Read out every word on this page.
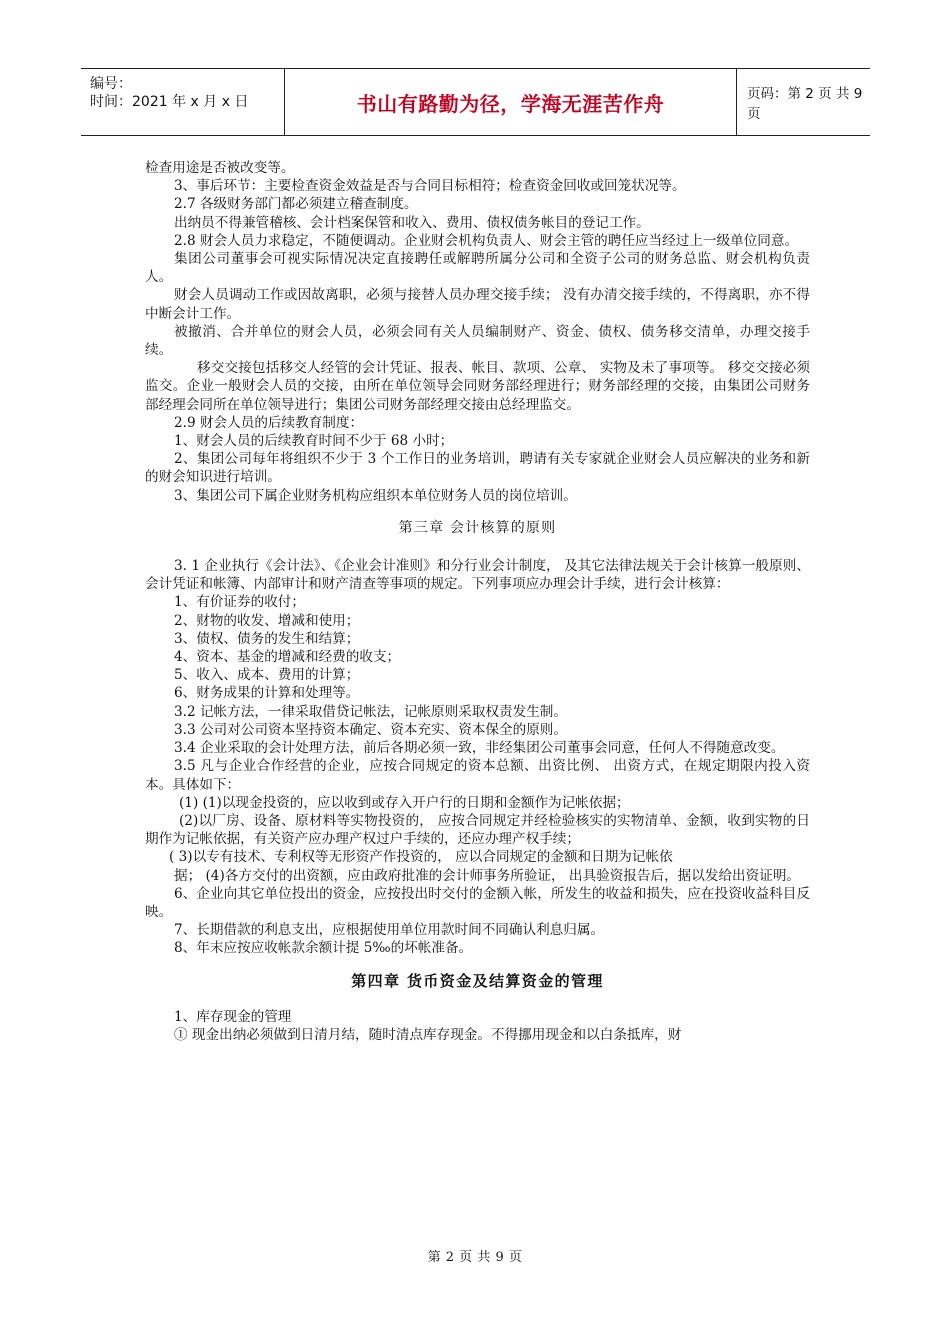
编号：
时间：2021 年 x 月 x 日	书山有路勤为径，学海无涯苦作舟	页码：第 2 页 共 9 页

检查用途是否被改变等。

3、事后环节：主要检查资金效益是否与合同目标相符；检查资金回收或回笼状况等。

2.7 各级财务部门都必须建立稽查制度。

出纳员不得兼管稽核、会计档案保管和收入、费用、债权债务帐目的登记工作。

2.8 财会人员力求稳定，不随便调动。企业财会机构负责人、财会主管的聘任应当经过上一级单位同意。

集团公司董事会可视实际情况决定直接聘任或解聘所属分公司和全资子公司的财务总监、财会机构负责人。

财会人员调动工作或因故离职，必须与接替人员办理交接手续； 没有办清交接手续的，不得离职，亦不得中断会计工作。

被撤消、合并单位的财会人员，必须会同有关人员编制财产、资金、债权、债务移交清单，办理交接手续。

移交交接包括移交人经管的会计凭证、报表、帐目、款项、公章、 实物及未了事项等。 移交交接必须监交。企业一般财会人员的交接，由所在单位领导会同财务部经理进行；财务部经理的交接，由集团公司财务部经理会同所在单位领导进行；集团公司财务部经理交接由总经理监交。

2.9 财会人员的后续教育制度：

1、财会人员的后续教育时间不少于 68 小时；

2、集团公司每年将组织不少于 3 个工作日的业务培训，聘请有关专家就企业财会人员应解决的业务和新的财会知识进行培训。

3、集团公司下属企业财务机构应组织本单位财务人员的岗位培训。

第三章 会计核算的原则

3. 1 企业执行《会计法》、《企业会计准则》和分行业会计制度， 及其它法律法规关于会计核算一般原则、会计凭证和帐簿、内部审计和财产清查等事项的规定。下列事项应办理会计手续，进行会计核算：

1、有价证券的收付；

2、财物的收发、增减和使用；

3、债权、债务的发生和结算；

4、资本、基金的增减和经费的收支；

5、收入、成本、费用的计算；

6、财务成果的计算和处理等。

3.2 记帐方法，一律采取借贷记帐法，记帐原则采取权责发生制。

3.3 公司对公司资本坚持资本确定、资本充实、资本保全的原则。

3.4 企业采取的会计处理方法，前后各期必须一致，非经集团公司董事会同意，任何人不得随意改变。

3.5 凡与企业合作经营的企业，应按合同规定的资本总额、出资比例、 出资方式，在规定期限内投入资本。具体如下：

(1) (1)以现金投资的，应以收到或存入开户行的日期和金额作为记帐依据；

(2)以厂房、设备、原材料等实物投资的， 应按合同规定并经检验核实的实物清单、金额，收到实物的日期作为记帐依据，有关资产应办理产权过户手续的，还应办理产权手续；

( 3)以专有技术、专利权等无形资产作投资的， 应以合同规定的金额和日期为记帐依

据； (4)各方交付的出资额，应由政府批准的会计师事务所验证， 出具验资报告后，据以发给出资证明。

6、企业向其它单位投出的资金，应按投出时交付的金额入帐，所发生的收益和损失，应在投资收益科目反映。

7、长期借款的利息支出，应根据使用单位用款时间不同确认利息归属。

8、年末应按应收帐款余额计提 5‰的坏帐准备。

第四章 货币资金及结算资金的管理

1、库存现金的管理

① 现金出纳必须做到日清月结，随时清点库存现金。不得挪用现金和以白条抵库，财

第 2 页 共 9 页
